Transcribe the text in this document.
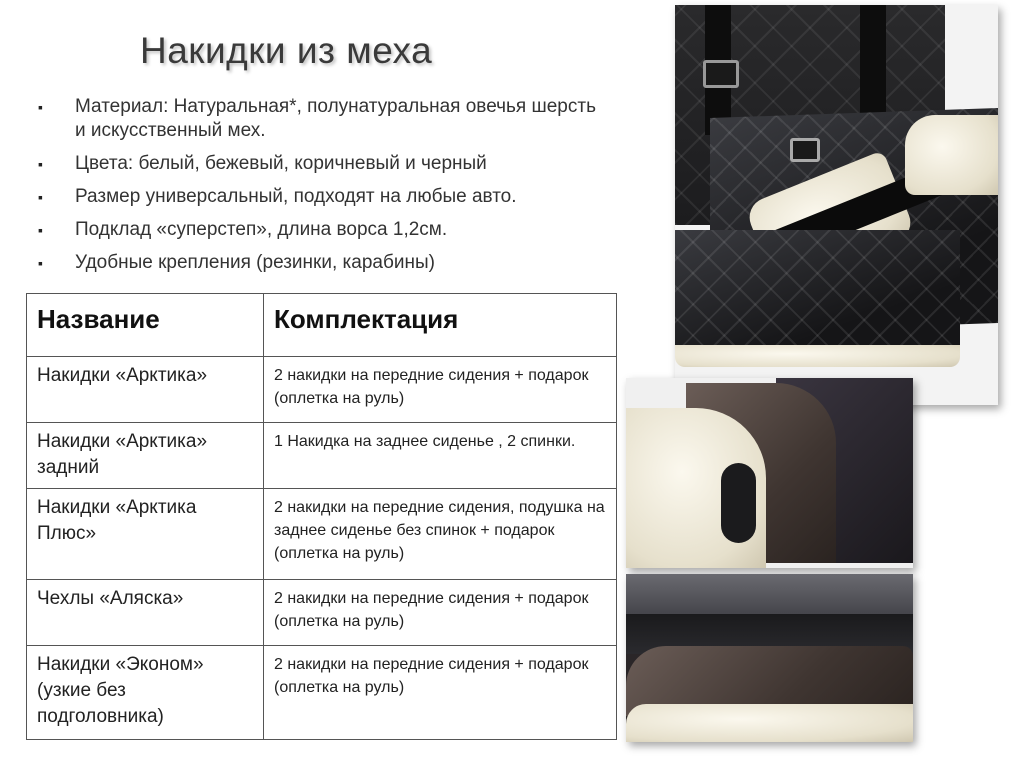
Накидки из меха
▪ Материал: Натуральная*, полунатуральная овечья шерсть и искусственный мех.
▪ Цвета: белый, бежевый, коричневый и черный
▪ Размер универсальный, подходят на любые авто.
▪ Подклад «суперстеп», длина ворса 1,2см.
▪ Удобные крепления (резинки, карабины)
Название	Комплектация
Накидки «Арктика»	2 накидки на передние сидения + подарок (оплетка на руль)
Накидки «Арктика» задний	1 Накидка на заднее сиденье , 2 спинки.
Накидки «Арктика Плюс»	2 накидки на передние сидения, подушка на заднее сиденье без спинок + подарок (оплетка на руль)
Чехлы «Аляска»	2 накидки на передние сидения + подарок (оплетка на руль)
Накидки «Эконом» (узкие без подголовника)	2 накидки на передние сидения + подарок (оплетка на руль)
